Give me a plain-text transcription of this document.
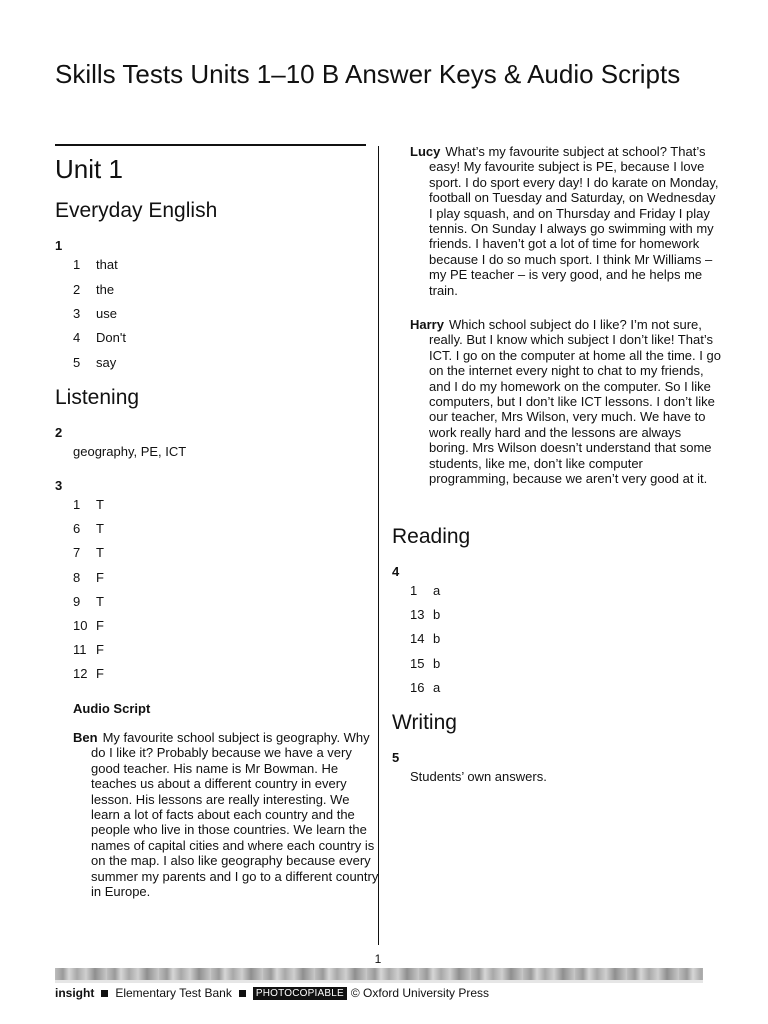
Skills Tests Units 1–10 B Answer Keys & Audio Scripts
Unit 1
Everyday English
1
1 that
2 the
3 use
4 Don't
5 say
Listening
2
geography, PE, ICT
3
1 T
6 T
7 T
8 F
9 T
10 F
11 F
12 F
Audio Script

Ben My favourite school subject is geography. Why do I like it? Probably because we have a very good teacher. His name is Mr Bowman. He teaches us about a different country in every lesson. His lessons are really interesting. We learn a lot of facts about each country and the people who live in those countries. We learn the names of capital cities and where each country is on the map. I also like geography because every summer my parents and I go to a different country in Europe.

Lucy What’s my favourite subject at school? That’s easy! My favourite subject is PE, because I love sport. I do sport every day! I do karate on Monday, football on Tuesday and Saturday, on Wednesday I play squash, and on Thursday and Friday I play tennis. On Sunday I always go swimming with my friends. I haven’t got a lot of time for homework because I do so much sport. I think Mr Williams – my PE teacher – is very good, and he helps me train.

Harry Which school subject do I like? I’m not sure, really. But I know which subject I don’t like! That’s ICT. I go on the computer at home all the time. I go on the internet every night to chat to my friends, and I do my homework on the computer. So I like computers, but I don’t like ICT lessons. I don’t like our teacher, Mrs Wilson, very much. We have to work really hard and the lessons are always boring. Mrs Wilson doesn’t understand that some students, like me, don’t like computer programming, because we aren’t very good at it.

Reading
4
1 a
13 b
14 b
15 b
16 a
Writing
5
Students’ own answers.
1
insight Elementary Test Bank	PHOTOCOPIABLE © Oxford University Press
